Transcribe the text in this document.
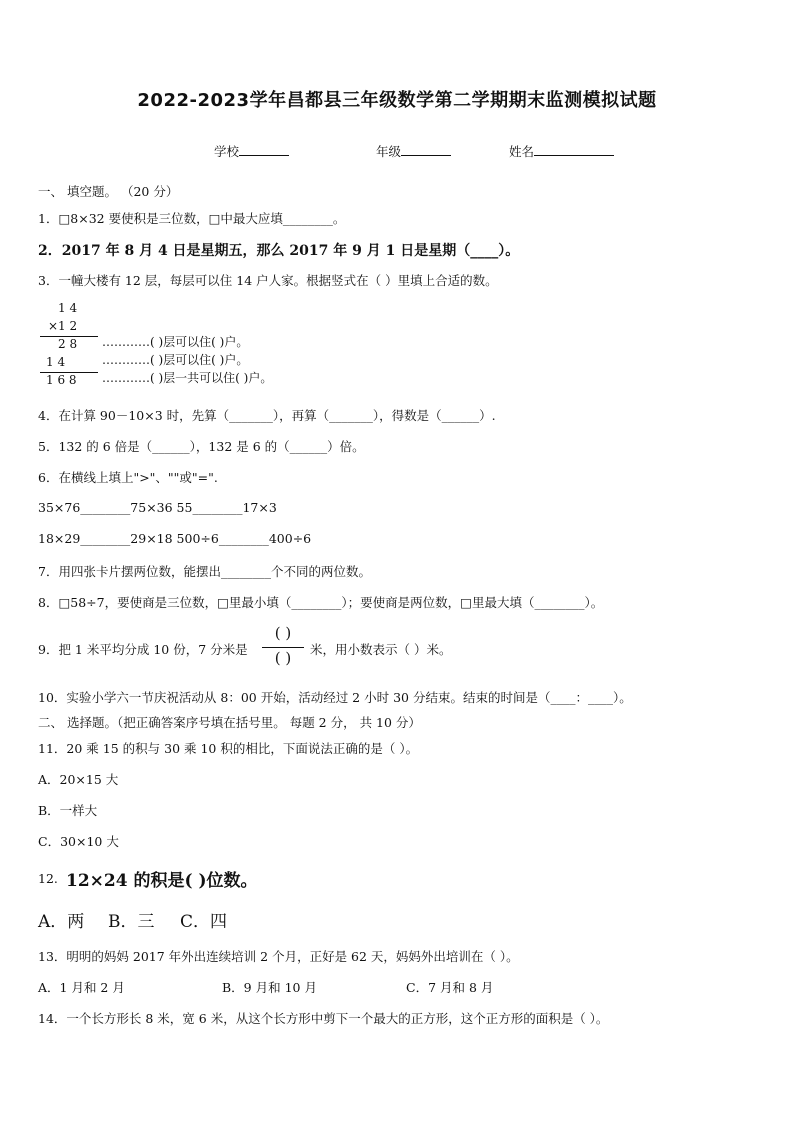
2022-2023学年昌都县三年级数学第二学期期末监测模拟试题
学校	年级	姓名
一、 填空题。 （20 分）
1．□8×32 要使积是三位数，□中最大应填________。
2．2017 年 8 月 4 日是星期五，那么 2017 年 9 月 1 日是星期（____）。
3．一幢大楼有 12 层，每层可以住 14 户人家。根据竖式在（ ）里填上合适的数。
1 4
×1 2
2 8
1 4
1 6 8
…………( )层可以住( )户。
…………( )层可以住( )户。
…………( )层一共可以住( )户。
4．在计算 90－10×3 时，先算（_______），再算（_______），得数是（______）.
5．132 的 6 倍是（______），132 是 6 的（______）倍。
6．在横线上填上">"、""或"=".
35×76________75×36 55________17×3
18×29________29×18 500÷6________400÷6
7．用四张卡片摆两位数，能摆出________个不同的两位数。
8．□58÷7，要使商是三位数，□里最小填（________）；要使商是两位数，□里最大填（________）。
9．把 1 米平均分成 10 份，7 分米是
( )
( )	米，用小数表示（ ）米。
10．实验小学六一节庆祝活动从 8：00 开始，活动经过 2 小时 30 分结束。结束的时间是（____：____）。
二、 选择题。（把正确答案序号填在括号里。 每题 2 分， 共 10 分）
11．20 乘 15 的积与 30 乘 10 积的相比，下面说法正确的是（ ）。
A．20×15 大
B．一样大
C．30×10 大
12. 12×24 的积是( )位数。
A．两 B．三 C．四
13．明明的妈妈 2017 年外出连续培训 2 个月，正好是 62 天，妈妈外出培训在（ ）。
A．1 月和 2 月	B．9 月和 10 月	C．7 月和 8 月
14．一个长方形长 8 米，宽 6 米，从这个长方形中剪下一个最大的正方形，这个正方形的面积是（ ）。
